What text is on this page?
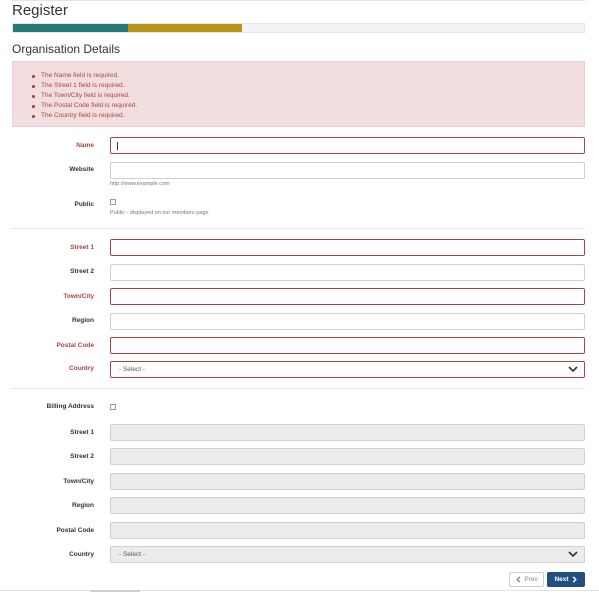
Register
Organisation Details
The Name field is required.
The Street 1 field is required.
The Town/City field is required.
The Postal Code field is required.
The Country field is required.
Name
Website
http://www.example.com
Public
Public - displayed on our members page.
Street 1
Street 2
Town/City
Region
Postal Code
Country	- Select -
Billing Address
Street 1
Street 2
Town/City
Region
Postal Code
Country	- Select -
Prev	Next
